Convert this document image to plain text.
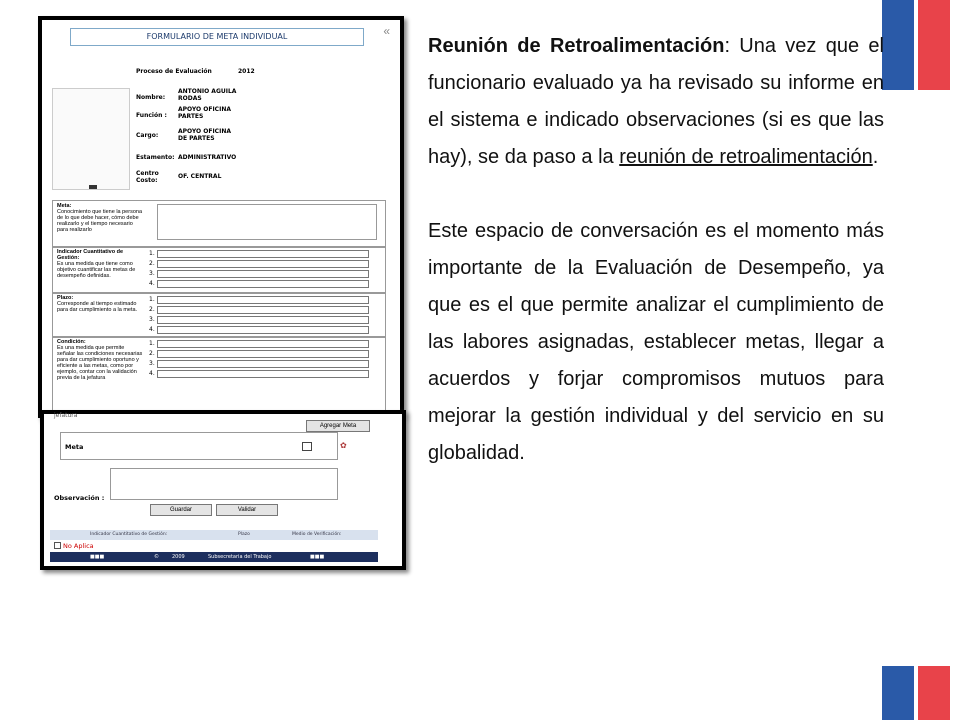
FORMULARIO DE META INDIVIDUAL	«
Proceso de Evaluación	2012
Nombre:
ANTONIO AGUILA
RODAS
Función :
APOYO OFICINA
PARTES
Cargo:
APOYO OFICINA
DE PARTES
Estamento: ADMINISTRATIVO
Centro
Costo:
OF. CENTRAL
Meta:
Conocimiento que tiene la persona de lo que debe hacer, cómo debe realizarlo y el tiempo necesario para realizarlo
Indicador Cuantitativo de Gestión:
Es una medida que tiene como objetivo cuantificar las metas de desempeño definidas.
1.
2.
3.
4.
Plazo:
Corresponde al tiempo estimado para dar cumplimiento a la meta.
1.
2.
3.
4.
Condición:
Es una medida que permite señalar las condiciones necesarias para dar cumplimiento oportuno y eficiente a las metas, como por ejemplo, contar con la validación previa de la jefatura
1.
2.
3.
4.
jefatura
Agregar Meta
Meta	✿
Observación :
Guardar	Validar
Indicador Cuantitativo de Gestión:	Plazo	Medio de Verificación:
No Aplica
■■■	©	2009	Subsecretaria del Trabajo	■■■

Reunión de Retroalimentación: Una vez que el funcionario evaluado ya ha revisado su informe en el sistema e indicado observaciones (si es que las hay), se da paso a la reunión de retroalimentación.

Este espacio de conversación es el momento más importante de la Evaluación de Desempeño, ya que es el que permite analizar el cumplimiento de las labores asignadas, establecer metas, llegar a acuerdos y forjar compromisos mutuos para mejorar la gestión individual y del servicio en su globalidad.
